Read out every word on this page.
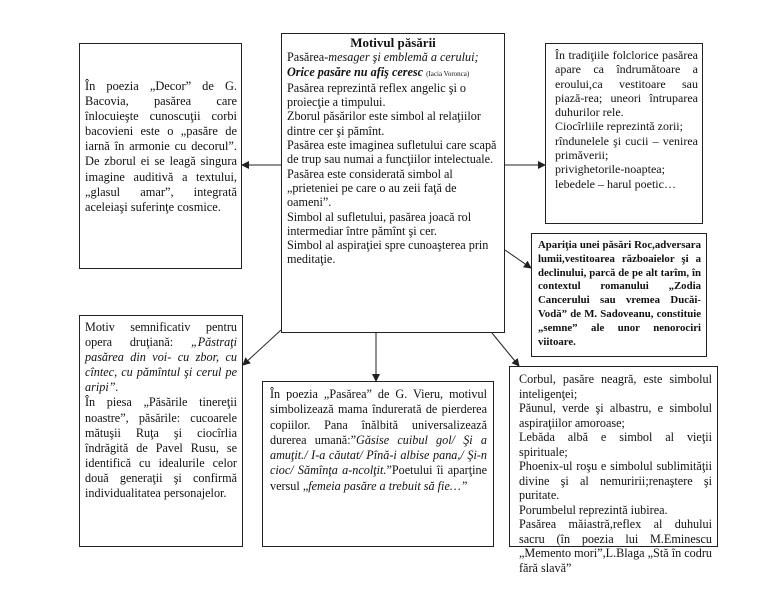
Motivul păsării

Pasărea-mesager şi emblemă a cerului;

Orice pasăre nu afiş ceresc (Iacia Voronca)

Pasărea reprezintă reflex angelic şi o proiecţie a timpului.

Zborul păsărilor este simbol al relaţiilor dintre cer şi pămînt.

Pasărea este imaginea sufletului care scapă de trup sau numai a funcţiilor intelectuale.

Pasărea este considerată simbol al „prieteniei pe care o au zeii faţă de oameni”.

Simbol al sufletului, pasărea joacă rol intermediar între pămînt şi cer.

Simbol al aspiraţiei spre cunoaşterea prin meditaţie.

În poezia „Decor” de G. Bacovia, pasărea care înlocuieşte cunoscuţii corbi bacovieni este o „pasăre de iarnă în armonie cu decorul”. De zborul ei se leagă singura imagine auditivă a textului, „glasul amar”, integrată aceleiaşi suferinţe cosmice.

În tradiţiile folclorice pasărea apare ca îndrumătoare a eroului,ca vestitoare sau piază-rea; uneori întruparea duhurilor rele.

Ciocîrliile reprezintă zorii;

rîndunelele şi cucii – venirea primăverii;

privighetorile-noaptea;

lebedele – harul poetic…

Apariţia unei păsări Roc,adversara lumii,vestitoarea războaielor şi a declinului, parcă de pe alt tarîm, în contextul romanului „Zodia Cancerului sau vremea Ducăi-Vodă” de M. Sadoveanu, constituie „semne” ale unor nenorociri viitoare.

Motiv semnificativ pentru opera druţiană: „Păstraţi pasărea din voi- cu zbor, cu cîntec, cu pămîntul şi cerul pe aripi”.

În piesa „Păsările tinereţii noastre”, păsările: cucoarele mătuşii Ruţa şi ciocîrlia îndrăgită de Pavel Rusu, se identifică cu idealurile celor două generaţii şi confirmă individualitatea personajelor.

În poezia „Pasărea” de G. Vieru, motivul simbolizează mama îndurerată de pierderea copiilor. Pana înălbită universalizează durerea umană:”Găsise cuibul gol/ Şi a amuţit./ I-a căutat/ Pînă-i albise pana,/ Şi-n cioc/ Sămînţa a-ncolţit.”Poetului îi aparţine versul „femeia pasăre a trebuit să fie…”

Corbul, pasăre neagră, este simbolul inteligenţei;

Păunul, verde şi albastru, e simbolul aspiraţiilor amoroase;

Lebăda albă e simbol al vieţii spirituale;

Phoenix-ul roşu e simbolul sublimităţii divine şi al nemuririi;renaştere şi puritate.

Porumbelul reprezintă iubirea.

Pasărea măiastră,reflex al duhului sacru (în poezia lui M.Eminescu „Memento mori”,L.Blaga „Stă în codru fără slavă”
